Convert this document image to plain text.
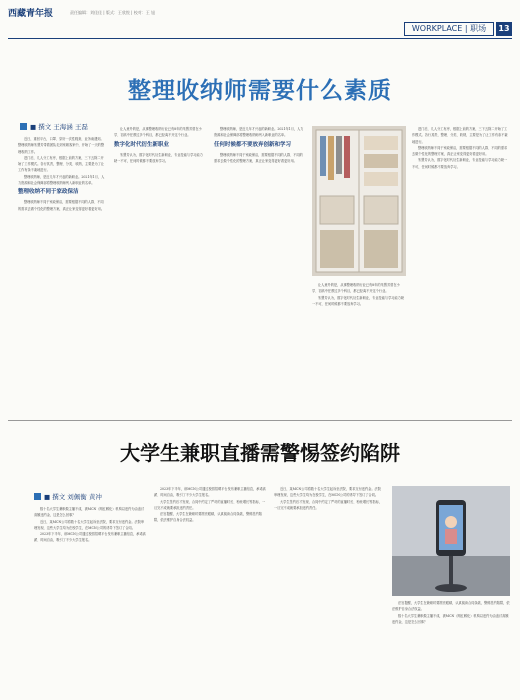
西藏青年报	责任编辑：刘佳佳 | 版式：王欣悦 | 校对：王 旭
WORKPLACE | 职场	13
整理收纳师需要什么素质
■ 撰文 王海涵 王磊

近日，重回平台，口罩、穿好一次性鞋套，业务南遇到。整理收纳师朱慧芳带着团队走到家顾客家中，开始了一天的整理收纳工作。

进门后，几人分工有序，根据上前的方案，三下五除二开始了工作模式。各行其责，整理、分类、收纳，主要是为了让工作有条不紊地进行。

整理收纳师，是近几年才兴起的新职业。2021年1月，人力资源和社会保障部将整理收纳师列入新职业的名单。

整理收纳不同于家政保洁

整理收纳师不同于家政保洁，需要根据不同的人群、不同的需求去做个性化的整理方案，真正让家变得更好看更好用。

让人意外的是，从事整理收纳行业已有8年的朱慧芳曾在小学、初高中任教过多个科目，都已经离不开这个行业。

数字化时代衍生新职业

朱慧芳认为，数字化时代衍生新职业，专业技能与学习能力缺一不可，任何时候都不要放弃学习。

整理收纳师，是近几年才兴起的新职业。2021年1月，人力资源和社会保障部将整理收纳师列入新职业的名单。

任何时候都不要放弃创新和学习

整理收纳师不同于家政保洁，需要根据不同的人群、不同的需求去做个性化的整理方案，真正让家变得更好看更好用。

进门后，几人分工有序，根据上前的方案，三下五除二开始了工作模式。各行其责，整理、分类、收纳，主要是为了让工作有条不紊地进行。

整理收纳师不同于家政保洁，需要根据不同的人群、不同的需求去做个性化的整理方案，真正让家变得更好看更好用。

朱慧芳认为，数字化时代衍生新职业，专业技能与学习能力缺一不可，任何时候都不要放弃学习。

让人意外的是，从事整理收纳行业已有8年的朱慧芳曾在小学、初高中任教过多个科目，都已经离不开这个行业。

朱慧芳认为，数字化时代衍生新职业，专业技能与学习能力缺一不可，任何时候都不要放弃学习。

大学生兼职直播需警惕签约陷阱
■ 撰文 刘佩衡 黄冲

数十名大学生兼职做主播不成，被MCN（网红孵化）机构以违约为由追讨高额违约金，这是怎么回事？

近日，某MCN公司将数十名大学生起诉至法院，要求支付违约金。法院审理发现，这些大学生均为在校学生，在MCN公司的诱导下签订了合同。

2023年下半年，该MCN公司通过校园招聘平台发布兼职主播信息，承诺高薪、时间自由，吸引了不少大学生报名。

2023年下半年，该MCN公司通过校园招聘平台发布兼职主播信息，承诺高薪、时间自由，吸引了不少大学生报名。

大学生签约后才发现，合同中约定了严苛的直播时长、粉丝增长等指标，一旦完不成就要承担违约责任。

法官提醒，大学生在兼职时要擦亮眼睛，认真阅读合同条款，警惕签约陷阱，依法维护自身合法权益。

近日，某MCN公司将数十名大学生起诉至法院，要求支付违约金。法院审理发现，这些大学生均为在校学生，在MCN公司的诱导下签订了合同。

大学生签约后才发现，合同中约定了严苛的直播时长、粉丝增长等指标，一旦完不成就要承担违约责任。

法官提醒，大学生在兼职时要擦亮眼睛，认真阅读合同条款，警惕签约陷阱，依法维护自身合法权益。

数十名大学生兼职做主播不成，被MCN（网红孵化）机构以违约为由追讨高额违约金，这是怎么回事？
